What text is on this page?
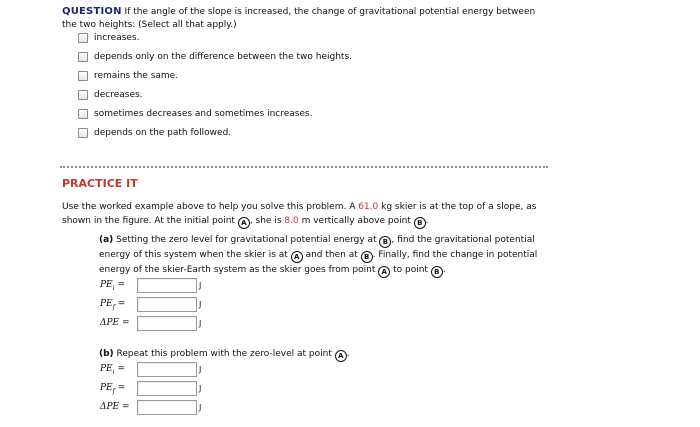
QUESTION If the angle of the slope is increased, the change of gravitational potential energy between
the two heights: (Select all that apply.)
increases.
depends only on the difference between the two heights.
remains the same.
decreases.
sometimes decreases and sometimes increases.
depends on the path followed.
PRACTICE IT
Use the worked example above to help you solve this problem. A 61.0 kg skier is at the top of a slope, as
shown in the figure. At the initial point A , she is 8.0 m vertically above point B .
(a) Setting the zero level for gravitational potential energy at B , find the gravitational potential
energy of this system when the skier is at A and then at B . Finally, find the change in potential
energy of the skier-Earth system as the skier goes from point A to point B .
$PE_i$ =	J
$PE_f$ =	J
ΔPE =	J
(b) Repeat this problem with the zero-level at point A .
$PE_i$ =	J
$PE_f$ =	J
ΔPE =	J
